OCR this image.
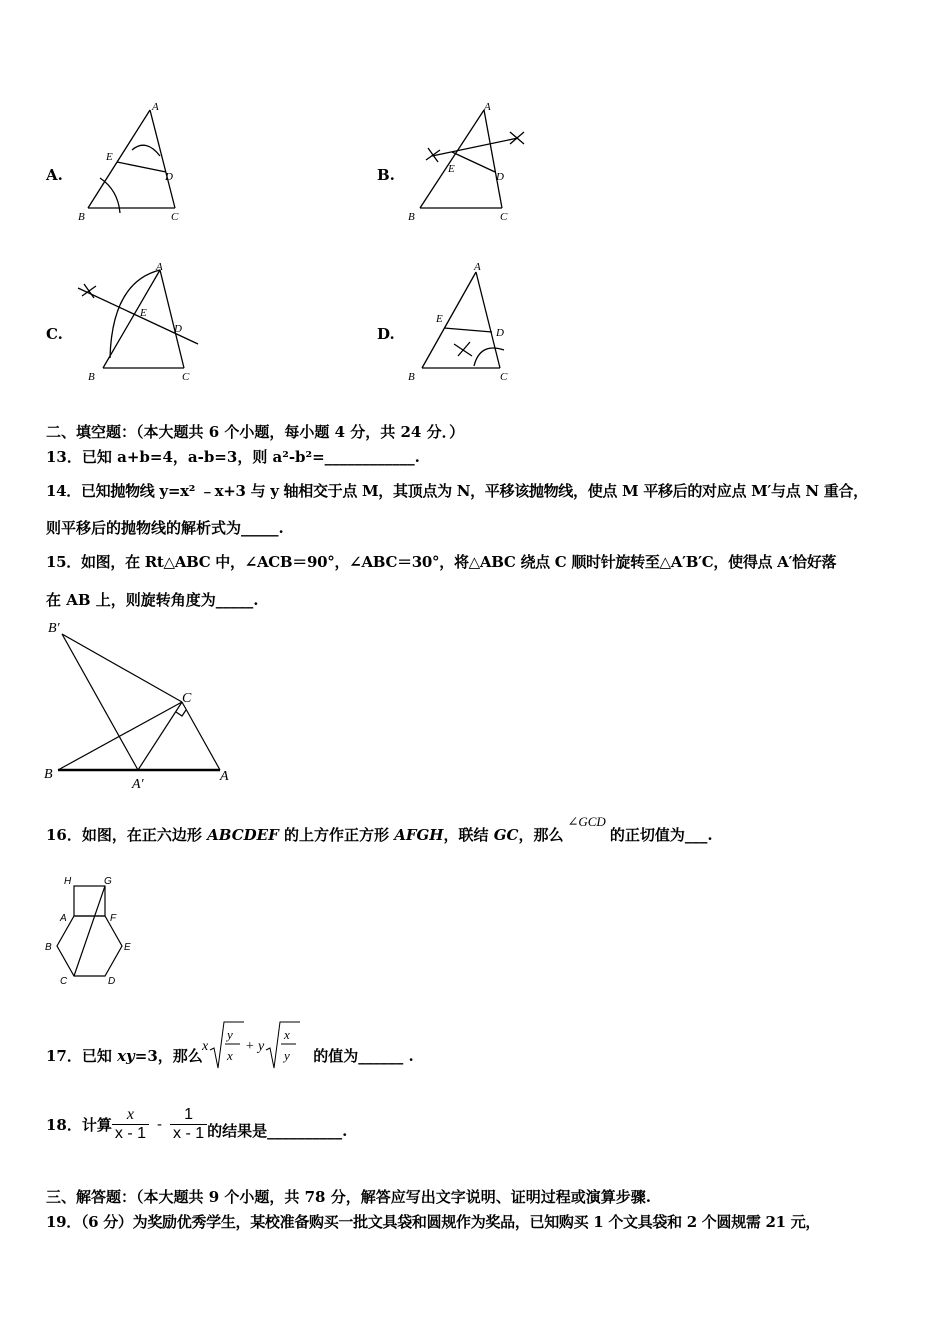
A.
A
B	C
D
E
B.
A
B	C
D
E
C.
A
B	C
D
E
D.
A
B	C
D
E
二、填空题：（本大题共 6 个小题，每小题 4 分，共 24 分．）
13．已知 a+b=4，a-b=3，则 a²-b²=____________.
14．已知抛物线 y=x² ﹣x+3 与 y 轴相交于点 M，其顶点为 N，平移该抛物线，使点 M 平移后的对应点 M′与点 N 重合，
则平移后的抛物线的解析式为_____.
15．如图，在 Rt△ABC 中，∠ACB＝90°，∠ABC＝30°，将△ABC 绕点 C 顺时针旋转至△A′B′C，使得点 A′恰好落
在 AB 上，则旋转角度为_____.
B′
C
B
A′
A
16．如图，在正六边形 ABCDEF 的上方作正方形 AFGH，联结 GC，那么∠GCD的正切值为___.
H	G
A	F
B	E
C	D
17．已知 xy=3，那么	的值为______ .
x
y
x
+ y
x
y
18．计算 $\frac{x}{x - 1} - \frac{1}{x - 1}$ 的结果是__________.
三、解答题：（本大题共 9 个小题，共 78 分，解答应写出文字说明、证明过程或演算步骤.
19．（6 分）为奖励优秀学生，某校准备购买一批文具袋和圆规作为奖品，已知购买 1 个文具袋和 2 个圆规需 21 元，
